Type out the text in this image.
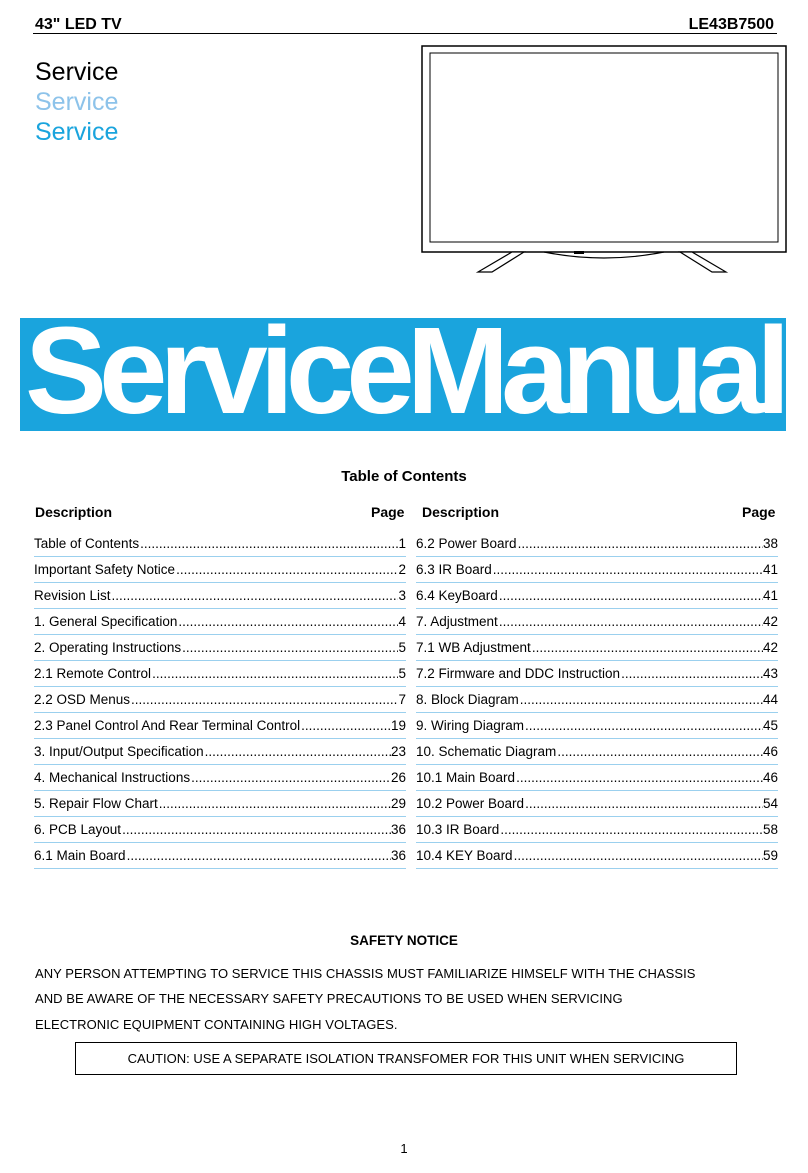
43" LED TV	LE43B7500
Service
Service
Service
ServiceManual
Table of Contents
Description	Page Description	Page
Table of Contents .....	1
Important Safety Notice .....	2
Revision List .....	3
1. General Specification .....	4
2. Operating Instructions .....	5
2.1 Remote Control .....	5
2.2 OSD Menus .....	7
2.3 Panel Control And Rear Terminal Control .....	19
3. Input/Output Specification .....	23
4. Mechanical Instructions .....	26
5. Repair Flow Chart .....	29
6. PCB Layout .....	36
6.1 Main Board .....	36
6.2 Power Board .....	38
6.3 IR Board .....	41
6.4 KeyBoard .....	41
7. Adjustment .....	42
7.1 WB Adjustment .....	42
7.2 Firmware and DDC Instruction .....	43
8. Block Diagram .....	44
9. Wiring Diagram .....	45
10. Schematic Diagram .....	46
10.1 Main Board .....	46
10.2 Power Board .....	54
10.3 IR Board .....	58
10.4 KEY Board .....	59
SAFETY NOTICE
ANY PERSON ATTEMPTING TO SERVICE THIS CHASSIS MUST FAMILIARIZE HIMSELF WITH THE CHASSIS
AND BE AWARE OF THE NECESSARY SAFETY PRECAUTIONS TO BE USED WHEN SERVICING
ELECTRONIC EQUIPMENT CONTAINING HIGH VOLTAGES.
CAUTION: USE A SEPARATE ISOLATION TRANSFOMER FOR THIS UNIT WHEN SERVICING
1
